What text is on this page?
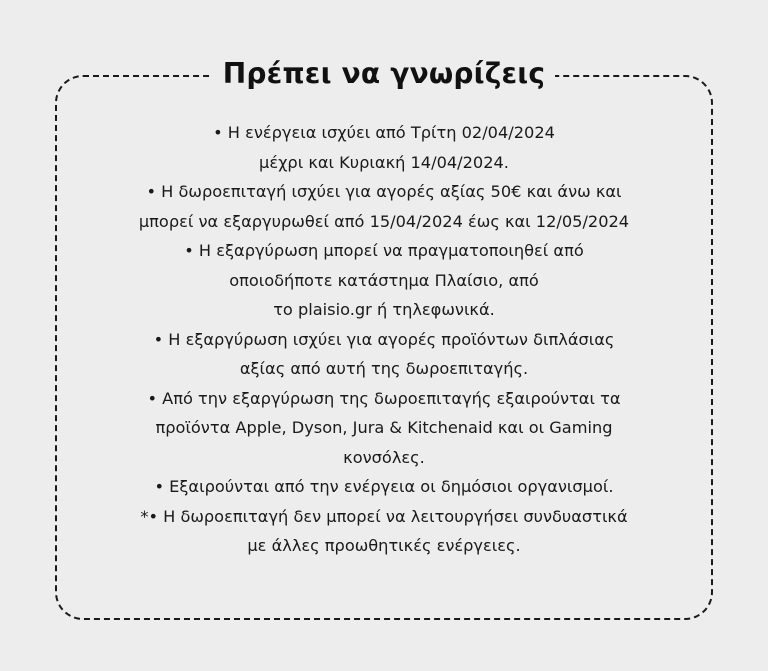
Πρέπει να γνωρίζεις
• Η ενέργεια ισχύει από Τρίτη 02/04/2024
μέχρι και Κυριακή 14/04/2024.
• Η δωροεπιταγή ισχύει για αγορές αξίας 50€ και άνω και
μπορεί να εξαργυρωθεί από 15/04/2024 έως και 12/05/2024
• Η εξαργύρωση μπορεί να πραγματοποιηθεί από
οποιοδήποτε κατάστημα Πλαίσιο, από
το plaisio.gr ή τηλεφωνικά.
• Η εξαργύρωση ισχύει για αγορές προϊόντων διπλάσιας
αξίας από αυτή της δωροεπιταγής.
• Από την εξαργύρωση της δωροεπιταγής εξαιρούνται τα
προϊόντα Apple, Dyson, Jura & Kitchenaid και οι Gaming
κονσόλες.
• Εξαιρούνται από την ενέργεια οι δημόσιοι οργανισμοί.
*• Η δωροεπιταγή δεν μπορεί να λειτουργήσει συνδυαστικά
με άλλες προωθητικές ενέργειες.
